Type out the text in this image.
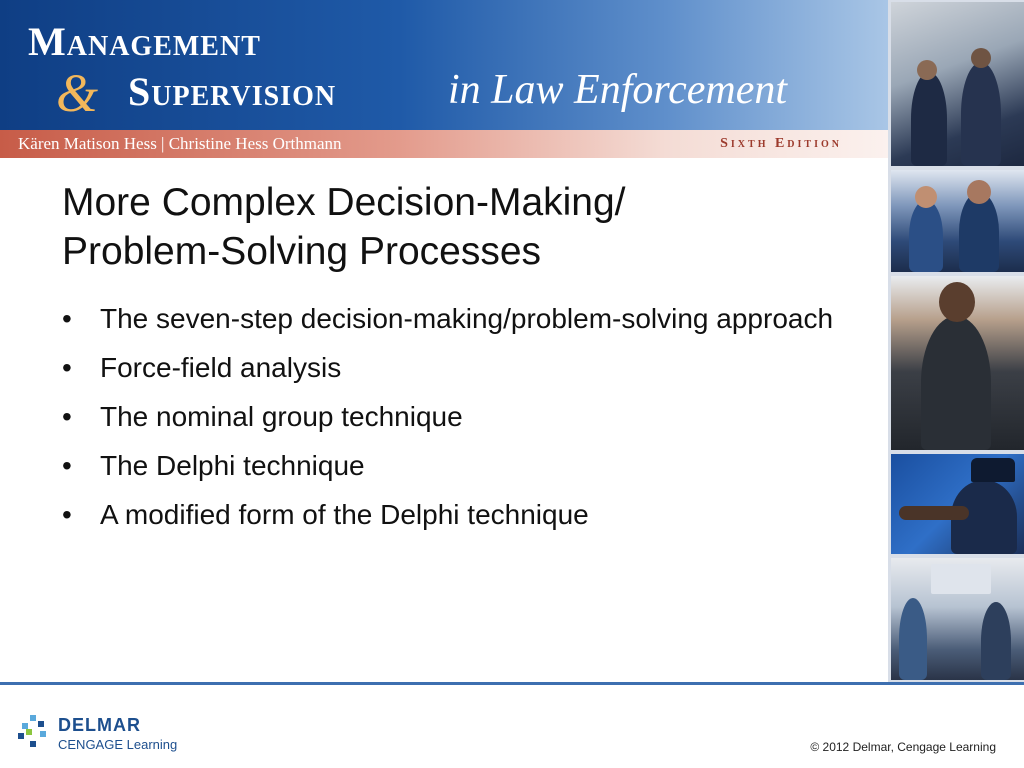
Management
& Supervision	in Law Enforcement
Kären Matison Hess | Christine Hess Orthmann	Sixth Edition
More Complex Decision-Making/
Problem-Solving Processes
• The seven-step decision-making/problem-solving approach
• Force-field analysis
• The nominal group technique
• The Delphi technique
• A modified form of the Delphi technique
DELMAR
CENGAGE Learning	© 2012 Delmar, Cengage Learning
